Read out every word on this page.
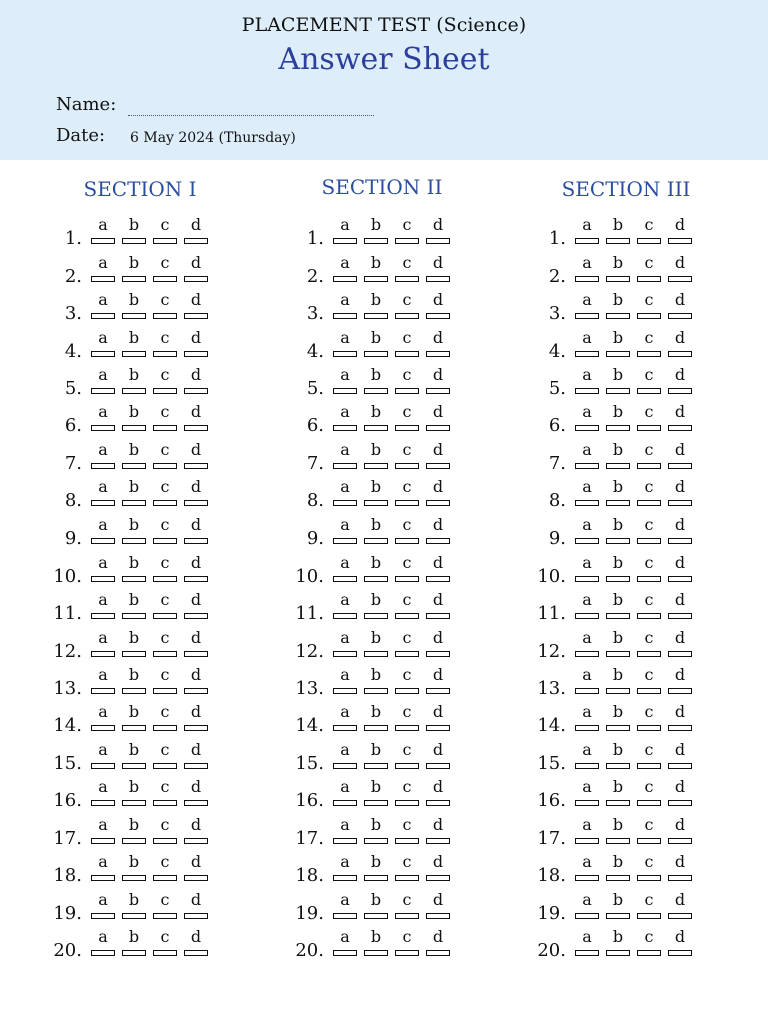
PLACEMENT TEST (Science)
Answer Sheet
Name:
Date: 6 May 2024 (Thursday)
SECTION I
1.
a	b	c	d
2.
a	b	c	d
3.
a	b	c	d
4.
a	b	c	d
5.
a	b	c	d
6.
a	b	c	d
7.
a	b	c	d
8.
a	b	c	d
9.
a	b	c	d
10.
a	b	c	d
11.
a	b	c	d
12.
a	b	c	d
13.
a	b	c	d
14.
a	b	c	d
15.
a	b	c	d
16.
a	b	c	d
17.
a	b	c	d
18.
a	b	c	d
19.
a	b	c	d
20.
a	b	c	d
SECTION II
1.
a	b	c	d
2.
a	b	c	d
3.
a	b	c	d
4.
a	b	c	d
5.
a	b	c	d
6.
a	b	c	d
7.
a	b	c	d
8.
a	b	c	d
9.
a	b	c	d
10.
a	b	c	d
11.
a	b	c	d
12.
a	b	c	d
13.
a	b	c	d
14.
a	b	c	d
15.
a	b	c	d
16.
a	b	c	d
17.
a	b	c	d
18.
a	b	c	d
19.
a	b	c	d
20.
a	b	c	d
SECTION III
1.
a	b	c	d
2.
a	b	c	d
3.
a	b	c	d
4.
a	b	c	d
5.
a	b	c	d
6.
a	b	c	d
7.
a	b	c	d
8.
a	b	c	d
9.
a	b	c	d
10.
a	b	c	d
11.
a	b	c	d
12.
a	b	c	d
13.
a	b	c	d
14.
a	b	c	d
15.
a	b	c	d
16.
a	b	c	d
17.
a	b	c	d
18.
a	b	c	d
19.
a	b	c	d
20.
a	b	c	d
